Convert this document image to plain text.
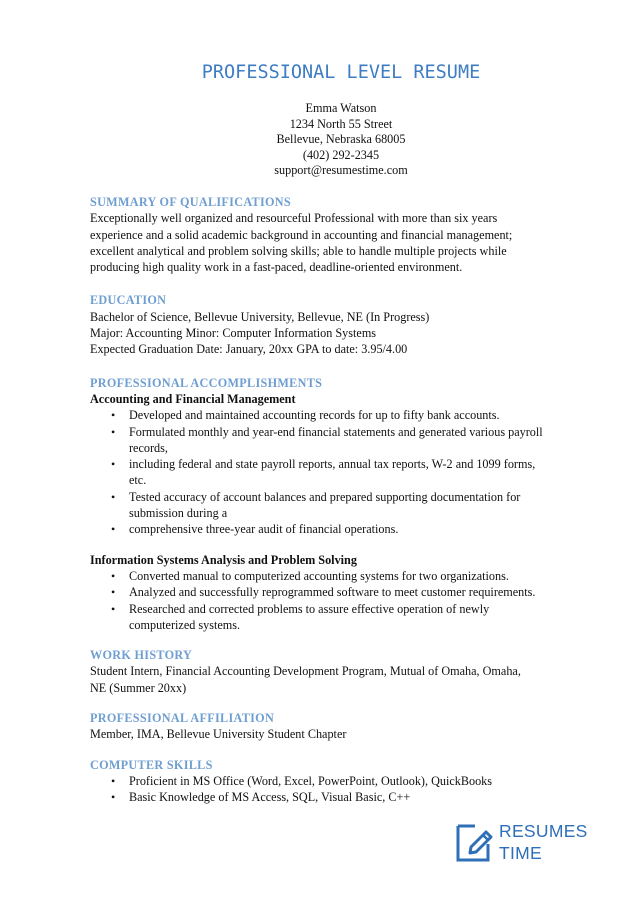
PROFESSIONAL LEVEL RESUME
Emma Watson
1234 North 55 Street
Bellevue, Nebraska 68005
(402) 292-2345
support@resumestime.com
SUMMARY OF QUALIFICATIONS
Exceptionally well organized and resourceful Professional with more than six years
experience and a solid academic background in accounting and financial management;
excellent analytical and problem solving skills; able to handle multiple projects while
producing high quality work in a fast-paced, deadline-oriented environment.
EDUCATION
Bachelor of Science, Bellevue University, Bellevue, NE (In Progress)
Major: Accounting Minor: Computer Information Systems
Expected Graduation Date: January, 20xx GPA to date: 3.95/4.00
PROFESSIONAL ACCOMPLISHMENTS
Accounting and Financial Management
• Developed and maintained accounting records for up to fifty bank accounts.
• Formulated monthly and year-end financial statements and generated various payroll
records,
• including federal and state payroll reports, annual tax reports, W-2 and 1099 forms,
etc.
• Tested accuracy of account balances and prepared supporting documentation for
submission during a
• comprehensive three-year audit of financial operations.
Information Systems Analysis and Problem Solving
• Converted manual to computerized accounting systems for two organizations.
• Analyzed and successfully reprogrammed software to meet customer requirements.
• Researched and corrected problems to assure effective operation of newly
computerized systems.
WORK HISTORY
Student Intern, Financial Accounting Development Program, Mutual of Omaha, Omaha,
NE (Summer 20xx)
PROFESSIONAL AFFILIATION
Member, IMA, Bellevue University Student Chapter
COMPUTER SKILLS
• Proficient in MS Office (Word, Excel, PowerPoint, Outlook), QuickBooks
• Basic Knowledge of MS Access, SQL, Visual Basic, C++
RESUMES
TIME
